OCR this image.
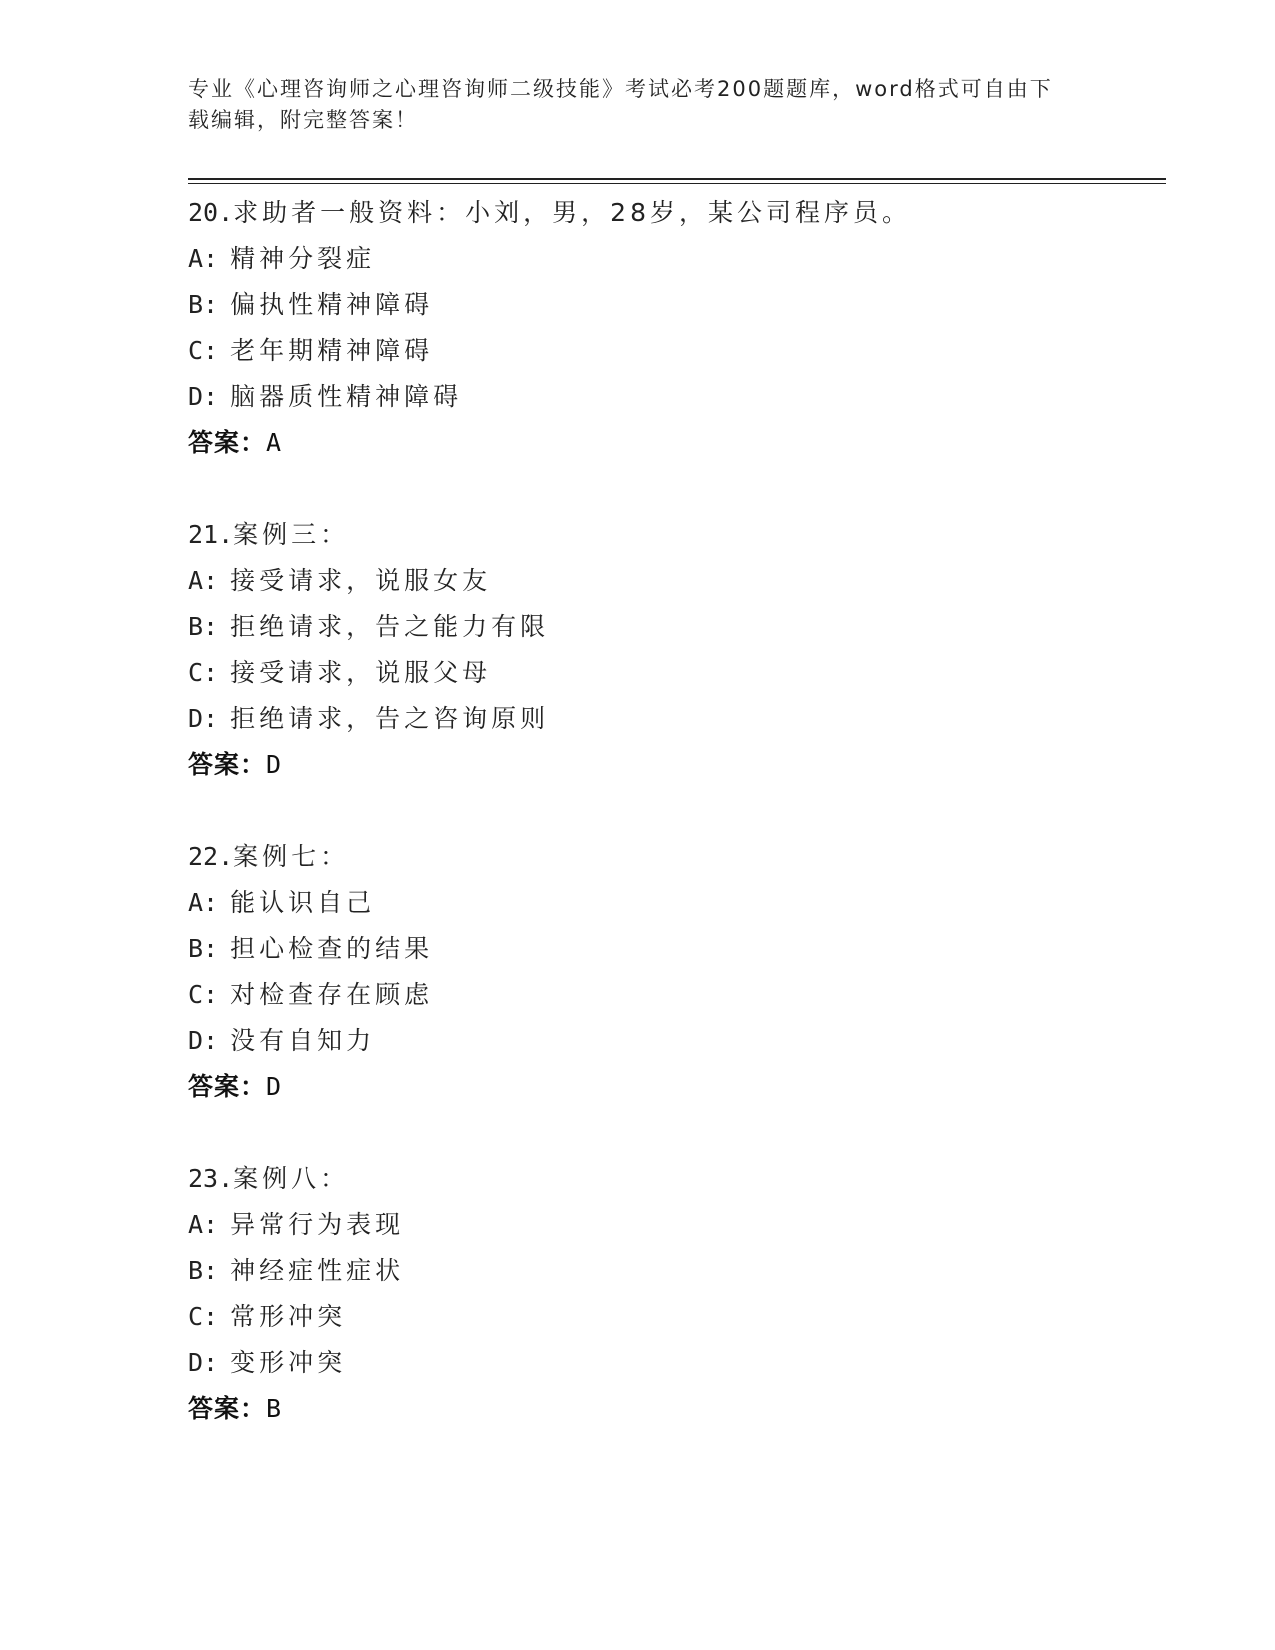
专业《心理咨询师之心理咨询师二级技能》考试必考200题题库，word格式可自由下载编辑，附完整答案！
20.求助者一般资料：小刘，男，28岁，某公司程序员。
A: 精神分裂症
B: 偏执性精神障碍
C: 老年期精神障碍
D: 脑器质性精神障碍
答案：A
21.案例三：
A: 接受请求，说服女友
B: 拒绝请求，告之能力有限
C: 接受请求，说服父母
D: 拒绝请求，告之咨询原则
答案：D
22.案例七：
A: 能认识自己
B: 担心检查的结果
C: 对检查存在顾虑
D: 没有自知力
答案：D
23.案例八：
A: 异常行为表现
B: 神经症性症状
C: 常形冲突
D: 变形冲突
答案：B
